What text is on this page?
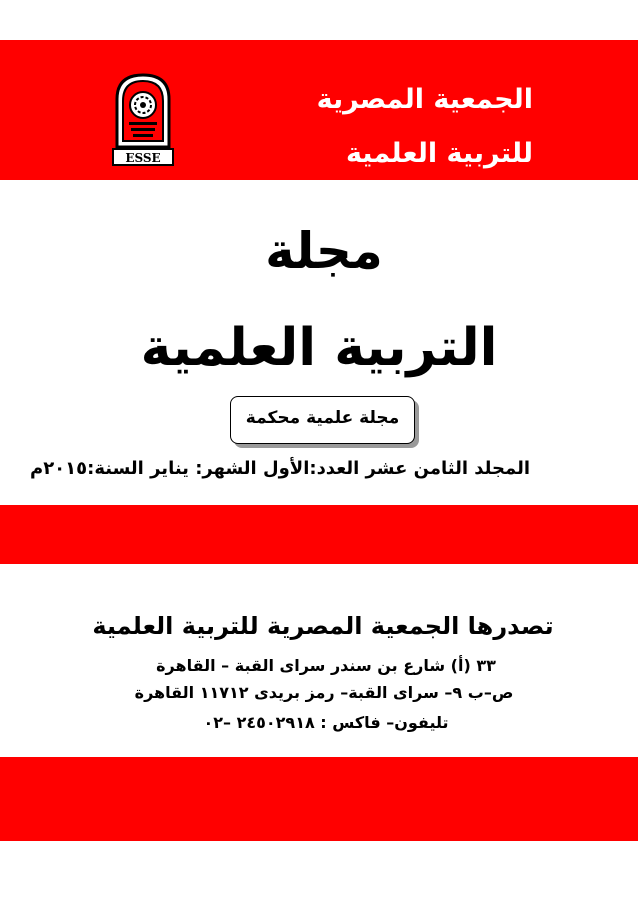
ESSE
الجمعية المصرية
للتربية العلمية
مجلة
التربية العلمية
مجلة علمية محكمة
المجلد الثامن عشر العدد:الأول الشهر: يناير السنة:٢٠١٥م
تصدرها الجمعية المصرية للتربية العلمية
٣٣ (أ) شارع بن سندر سراى القبة – القاهرة
ص–ب ٩– سراى القبة– رمز بريدى ١١٧١٢ القاهرة
تليفون– فاكس : ٢٤٥٠٢٩١٨ –٠٢
